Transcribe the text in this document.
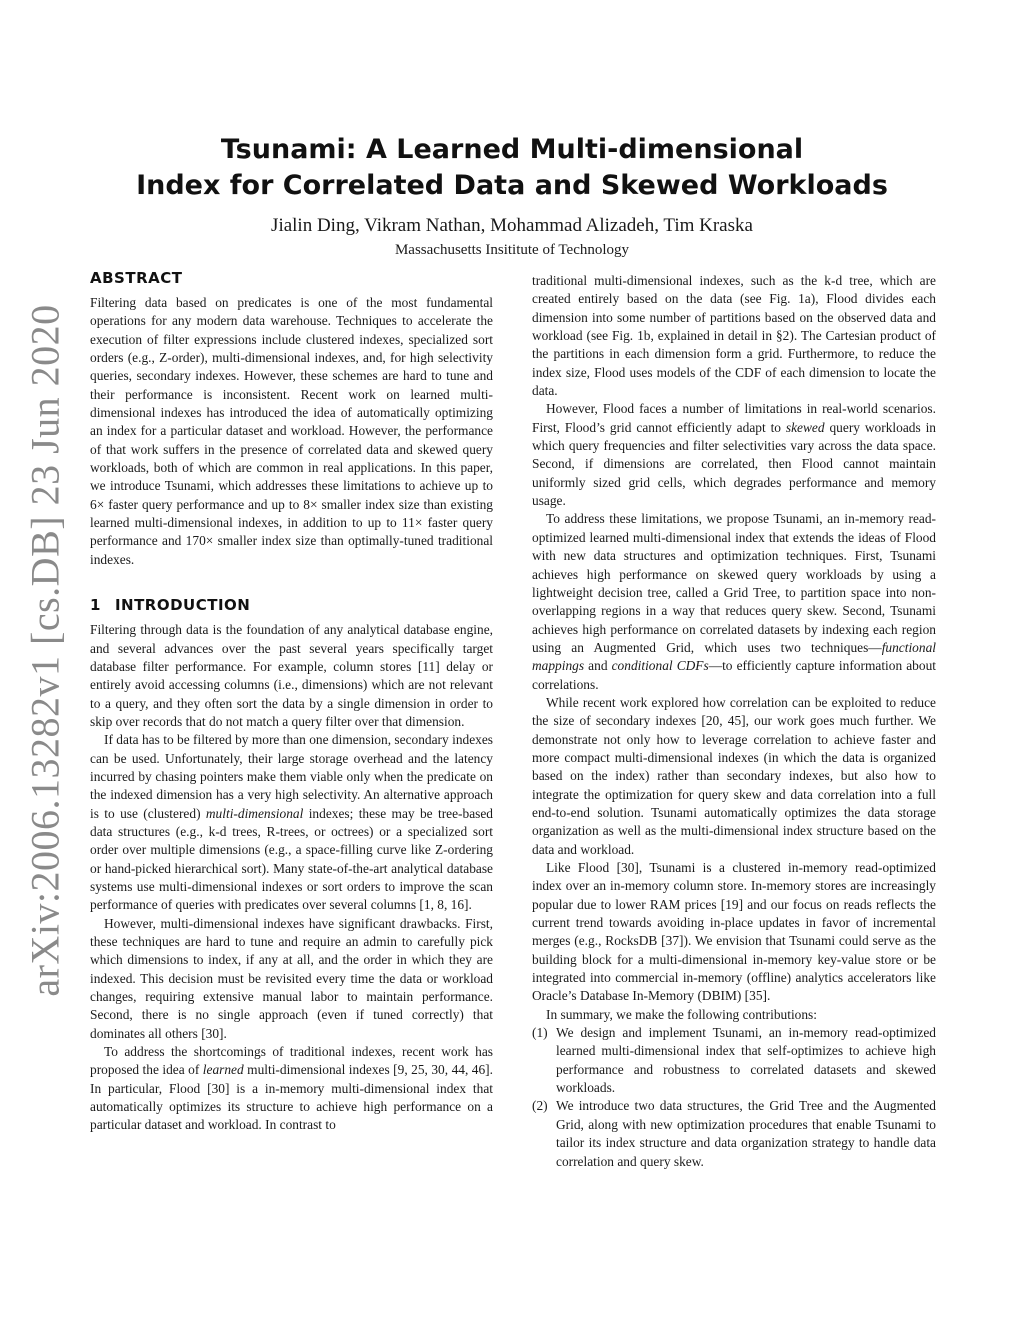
arXiv:2006.13282v1 [cs.DB] 23 Jun 2020
Tsunami: A Learned Multi-dimensional
Index for Correlated Data and Skewed Workloads
Jialin Ding, Vikram Nathan, Mohammad Alizadeh, Tim Kraska
Massachusetts Insititute of Technology
ABSTRACT

Filtering data based on predicates is one of the most fundamental operations for any modern data warehouse. Techniques to accelerate the execution of filter expressions include clustered indexes, specialized sort orders (e.g., Z-order), multi-dimensional indexes, and, for high selectivity queries, secondary indexes. However, these schemes are hard to tune and their performance is inconsistent. Recent work on learned multi-dimensional indexes has introduced the idea of automatically optimizing an index for a particular dataset and workload. However, the performance of that work suffers in the presence of correlated data and skewed query workloads, both of which are common in real applications. In this paper, we introduce Tsunami, which addresses these limitations to achieve up to 6× faster query performance and up to 8× smaller index size than existing learned multi-dimensional indexes, in addition to up to 11× faster query performance and 170× smaller index size than optimally-tuned traditional indexes.

1 INTRODUCTION

Filtering through data is the foundation of any analytical database engine, and several advances over the past several years specifically target database filter performance. For example, column stores [11] delay or entirely avoid accessing columns (i.e., dimensions) which are not relevant to a query, and they often sort the data by a single dimension in order to skip over records that do not match a query filter over that dimension.

If data has to be filtered by more than one dimension, secondary indexes can be used. Unfortunately, their large storage overhead and the latency incurred by chasing pointers make them viable only when the predicate on the indexed dimension has a very high selectivity. An alternative approach is to use (clustered) multi-dimensional indexes; these may be tree-based data structures (e.g., k-d trees, R-trees, or octrees) or a specialized sort order over multiple dimensions (e.g., a space-filling curve like Z-ordering or hand-picked hierarchical sort). Many state-of-the-art analytical database systems use multi-dimensional indexes or sort orders to improve the scan performance of queries with predicates over several columns [1, 8, 16].

However, multi-dimensional indexes have significant drawbacks. First, these techniques are hard to tune and require an admin to carefully pick which dimensions to index, if any at all, and the order in which they are indexed. This decision must be revisited every time the data or workload changes, requiring extensive manual labor to maintain performance. Second, there is no single approach (even if tuned correctly) that dominates all others [30].

To address the shortcomings of traditional indexes, recent work has proposed the idea of learned multi-dimensional indexes [9, 25, 30, 44, 46]. In particular, Flood [30] is a in-memory multi-dimensional index that automatically optimizes its structure to achieve high performance on a particular dataset and workload. In contrast to

traditional multi-dimensional indexes, such as the k-d tree, which are created entirely based on the data (see Fig. 1a), Flood divides each dimension into some number of partitions based on the observed data and workload (see Fig. 1b, explained in detail in §2). The Cartesian product of the partitions in each dimension form a grid. Furthermore, to reduce the index size, Flood uses models of the CDF of each dimension to locate the data.

However, Flood faces a number of limitations in real-world scenarios. First, Flood’s grid cannot efficiently adapt to skewed query workloads in which query frequencies and filter selectivities vary across the data space. Second, if dimensions are correlated, then Flood cannot maintain uniformly sized grid cells, which degrades performance and memory usage.

To address these limitations, we propose Tsunami, an in-memory read-optimized learned multi-dimensional index that extends the ideas of Flood with new data structures and optimization techniques. First, Tsunami achieves high performance on skewed query workloads by using a lightweight decision tree, called a Grid Tree, to partition space into non-overlapping regions in a way that reduces query skew. Second, Tsunami achieves high performance on correlated datasets by indexing each region using an Augmented Grid, which uses two techniques—functional mappings and conditional CDFs—to efficiently capture information about correlations.

While recent work explored how correlation can be exploited to reduce the size of secondary indexes [20, 45], our work goes much further. We demonstrate not only how to leverage correlation to achieve faster and more compact multi-dimensional indexes (in which the data is organized based on the index) rather than secondary indexes, but also how to integrate the optimization for query skew and data correlation into a full end-to-end solution. Tsunami automatically optimizes the data storage organization as well as the multi-dimensional index structure based on the data and workload.

Like Flood [30], Tsunami is a clustered in-memory read-optimized index over an in-memory column store. In-memory stores are increasingly popular due to lower RAM prices [19] and our focus on reads reflects the current trend towards avoiding in-place updates in favor of incremental merges (e.g., RocksDB [37]). We envision that Tsunami could serve as the building block for a multi-dimensional in-memory key-value store or be integrated into commercial in-memory (offline) analytics accelerators like Oracle’s Database In-Memory (DBIM) [35].

In summary, we make the following contributions:

(1) We design and implement Tsunami, an in-memory read-optimized learned multi-dimensional index that self-optimizes to achieve high performance and robustness to correlated datasets and skewed workloads.
(2) We introduce two data structures, the Grid Tree and the Augmented Grid, along with new optimization procedures that enable Tsunami to tailor its index structure and data organization strategy to handle data correlation and query skew.
